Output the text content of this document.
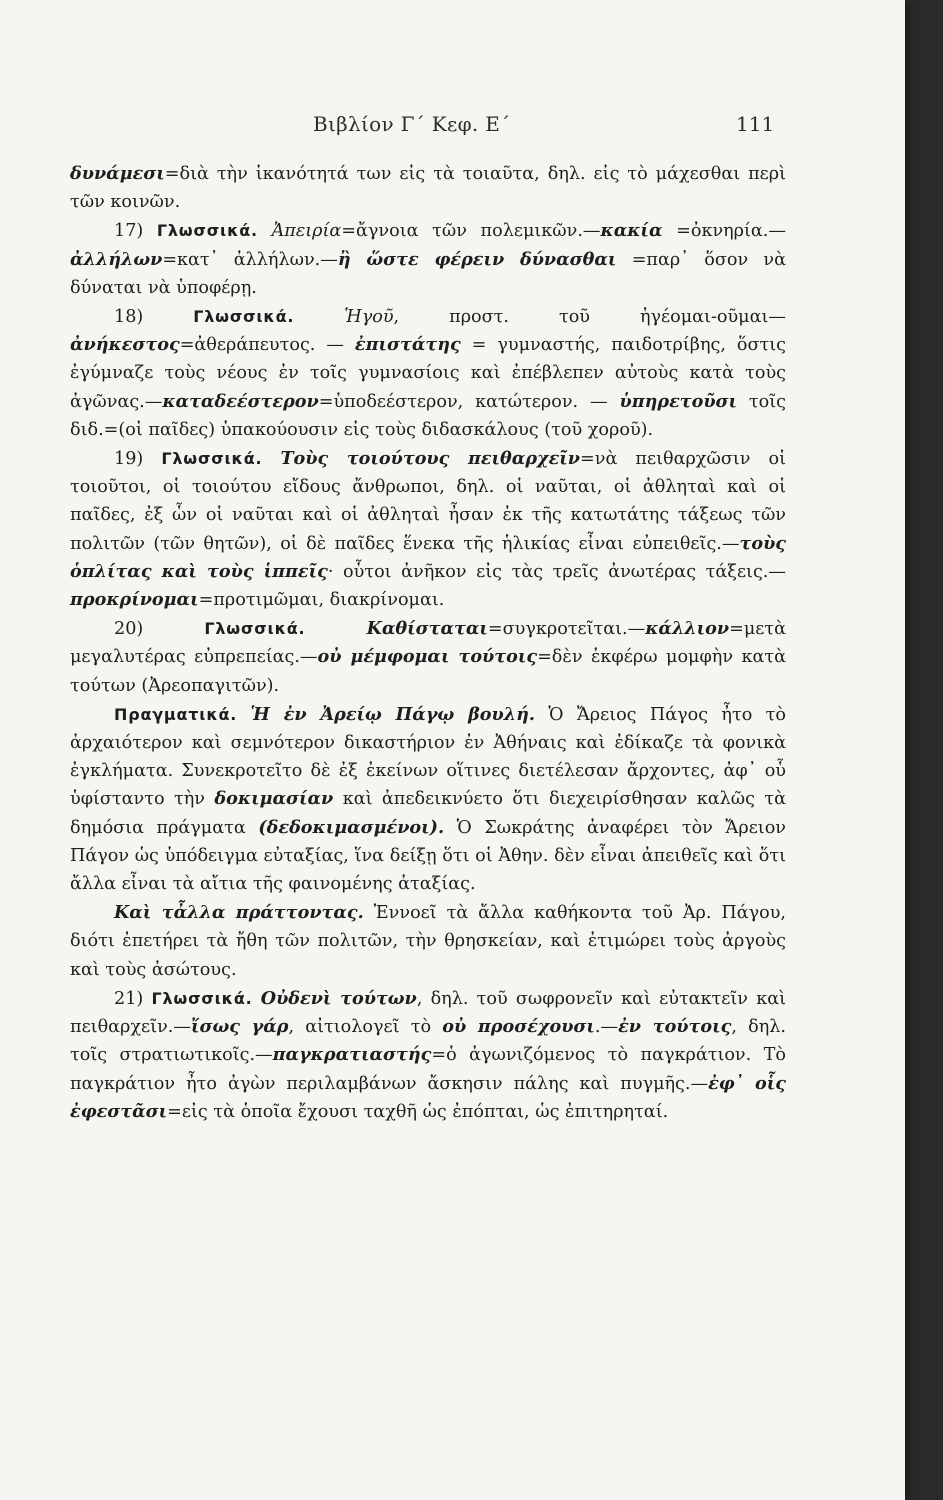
Βιβλίον Γ΄ Κεφ. Ε΄	111

δυνάμεσι=διὰ τὴν ἱκανότητά των εἰς τὰ τοιαῦτα, δηλ. εἰς τὸ μάχεσθαι περὶ τῶν κοινῶν.

17) Γλωσσικά. Ἀπειρία=ἄγνοια τῶν πολεμικῶν.—κακία =ὀκνηρία.—ἀλλήλων=κατ᾽ ἀλλήλων.—ἢ ὥστε φέρειν δύνασθαι =παρ᾽ ὅσον νὰ δύναται νὰ ὑποφέρῃ.

18) Γλωσσικά.	Ἡγοῦ, προστ. τοῦ ἡγέομαι-οῦμαι—ἀνήκεστος=ἀθεράπευτος. — ἐπιστάτης = γυμναστής, παιδοτρίβης, ὅστις ἐγύμναζε τοὺς νέους ἐν τοῖς γυμνασίοις καὶ ἐπέβλεπεν αὐτοὺς κατὰ τοὺς ἀγῶνας.—καταδεέστερον=ὑποδεέστερον, κατώτερον. — ὑπηρετοῦσι τοῖς διδ.=(οἱ παῖδες) ὑπακούουσιν εἰς τοὺς διδασκάλους (τοῦ χοροῦ).

19) Γλωσσικά. Τοὺς τοιούτους πειθαρχεῖν=νὰ πειθαρχῶσιν οἱ τοιοῦτοι, οἱ τοιούτου εἴδους ἄνθρωποι, δηλ. οἱ ναῦται, οἱ ἀθληταὶ καὶ οἱ παῖδες, ἐξ ὧν οἱ ναῦται καὶ οἱ ἀθληταὶ ἦσαν ἐκ τῆς κατωτάτης τάξεως τῶν πολιτῶν (τῶν θητῶν), οἱ δὲ παῖδες ἕνεκα τῆς ἡλικίας εἶναι εὐπειθεῖς.—τοὺς ὁπλίτας καὶ τοὺς ἱππεῖς· οὗτοι ἀνῆκον εἰς τὰς τρεῖς ἀνωτέρας τάξεις.—προκρίνομαι=προτιμῶμαι, διακρίνομαι.

20) Γλωσσικά.	Καθίσταται=συγκροτεῖται.—κάλλιον=μετὰ μεγαλυτέρας εὐπρεπείας.—οὐ μέμφομαι τούτοις=δὲν ἐκφέρω μομφὴν κατὰ τούτων (Ἀρεοπαγιτῶν).

Πραγματικά. Ἡ ἐν Ἀρείῳ Πάγῳ βουλή. Ὁ Ἄρειος Πάγος ἦτο τὸ ἀρχαιότερον καὶ σεμνότερον δικαστήριον ἐν Ἀθήναις καὶ ἐδίκαζε τὰ φονικὰ ἐγκλήματα. Συνεκροτεῖτο δὲ ἐξ ἐκείνων οἵτινες διετέλεσαν ἄρχοντες, ἀφ᾽ οὗ ὑφίσταντο τὴν δοκιμασίαν καὶ ἀπεδεικνύετο ὅτι διεχειρίσθησαν καλῶς τὰ δημόσια πράγματα (δεδοκιμασμένοι). Ὁ Σωκράτης ἀναφέρει τὸν Ἄρειον Πάγον ὡς ὑπόδειγμα εὐταξίας, ἵνα δείξῃ ὅτι οἱ Ἀθην. δὲν εἶναι ἀπειθεῖς καὶ ὅτι ἄλλα εἶναι τὰ αἴτια τῆς φαινομένης ἀταξίας.

Καὶ τἆλλα πράττοντας. Ἐννοεῖ τὰ ἄλλα καθήκοντα τοῦ Ἀρ. Πάγου, διότι ἐπετήρει τὰ ἤθη τῶν πολιτῶν, τὴν θρησκείαν, καὶ ἐτιμώρει τοὺς ἀργοὺς καὶ τοὺς ἀσώτους.

21) Γλωσσικά. Οὐδενὶ τούτων, δηλ. τοῦ σωφρονεῖν καὶ εὐτακτεῖν καὶ πειθαρχεῖν.—ἴσως γάρ, αἰτιολογεῖ τὸ οὐ προσέχουσι.—ἐν τούτοις, δηλ. τοῖς στρατιωτικοῖς.—παγκρατιαστής=ὁ ἀγωνιζόμενος τὸ παγκράτιον. Τὸ παγκράτιον ἦτο ἀγὼν περιλαμβάνων ἄσκησιν πάλης καὶ πυγμῆς.—ἐφ᾽ οἷς ἐφεστᾶσι=εἰς τὰ ὁποῖα ἔχουσι ταχθῆ ὡς ἐπόπται, ὡς ἐπιτηρηταί.
